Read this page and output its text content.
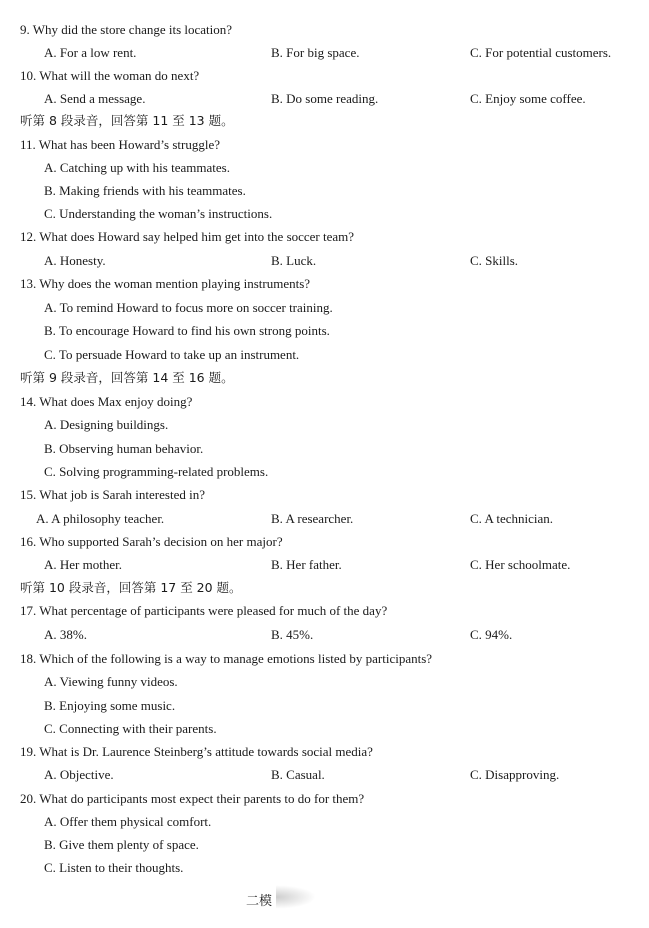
9. Why did the store change its location?
A. For a low rent.	B. For big space.	C. For potential customers.
10. What will the woman do next?
A. Send a message.	B. Do some reading.	C. Enjoy some coffee.
听第 8 段录音，回答第 11 至 13 题。
11. What has been Howard’s struggle?
A. Catching up with his teammates.
B. Making friends with his teammates.
C. Understanding the woman’s instructions.
12. What does Howard say helped him get into the soccer team?
A. Honesty.	B. Luck.	C. Skills.
13. Why does the woman mention playing instruments?
A. To remind Howard to focus more on soccer training.
B. To encourage Howard to find his own strong points.
C. To persuade Howard to take up an instrument.
听第 9 段录音，回答第 14 至 16 题。
14. What does Max enjoy doing?
A. Designing buildings.
B. Observing human behavior.
C. Solving programming-related problems.
15. What job is Sarah interested in?
A. A philosophy teacher.	B. A researcher.	C. A technician.
16. Who supported Sarah’s decision on her major?
A. Her mother.	B. Her father.	C. Her schoolmate.
听第 10 段录音，回答第 17 至 20 题。
17. What percentage of participants were pleased for much of the day?
A. 38%.	B. 45%.	C. 94%.
18. Which of the following is a way to manage emotions listed by participants?
A. Viewing funny videos.
B. Enjoying some music.
C. Connecting with their parents.
19. What is Dr. Laurence Steinberg’s attitude towards social media?
A. Objective.	B. Casual.	C. Disapproving.
20. What do participants most expect their parents to do for them?
A. Offer them physical comfort.
B. Give them plenty of space.
C. Listen to their thoughts.
二模
